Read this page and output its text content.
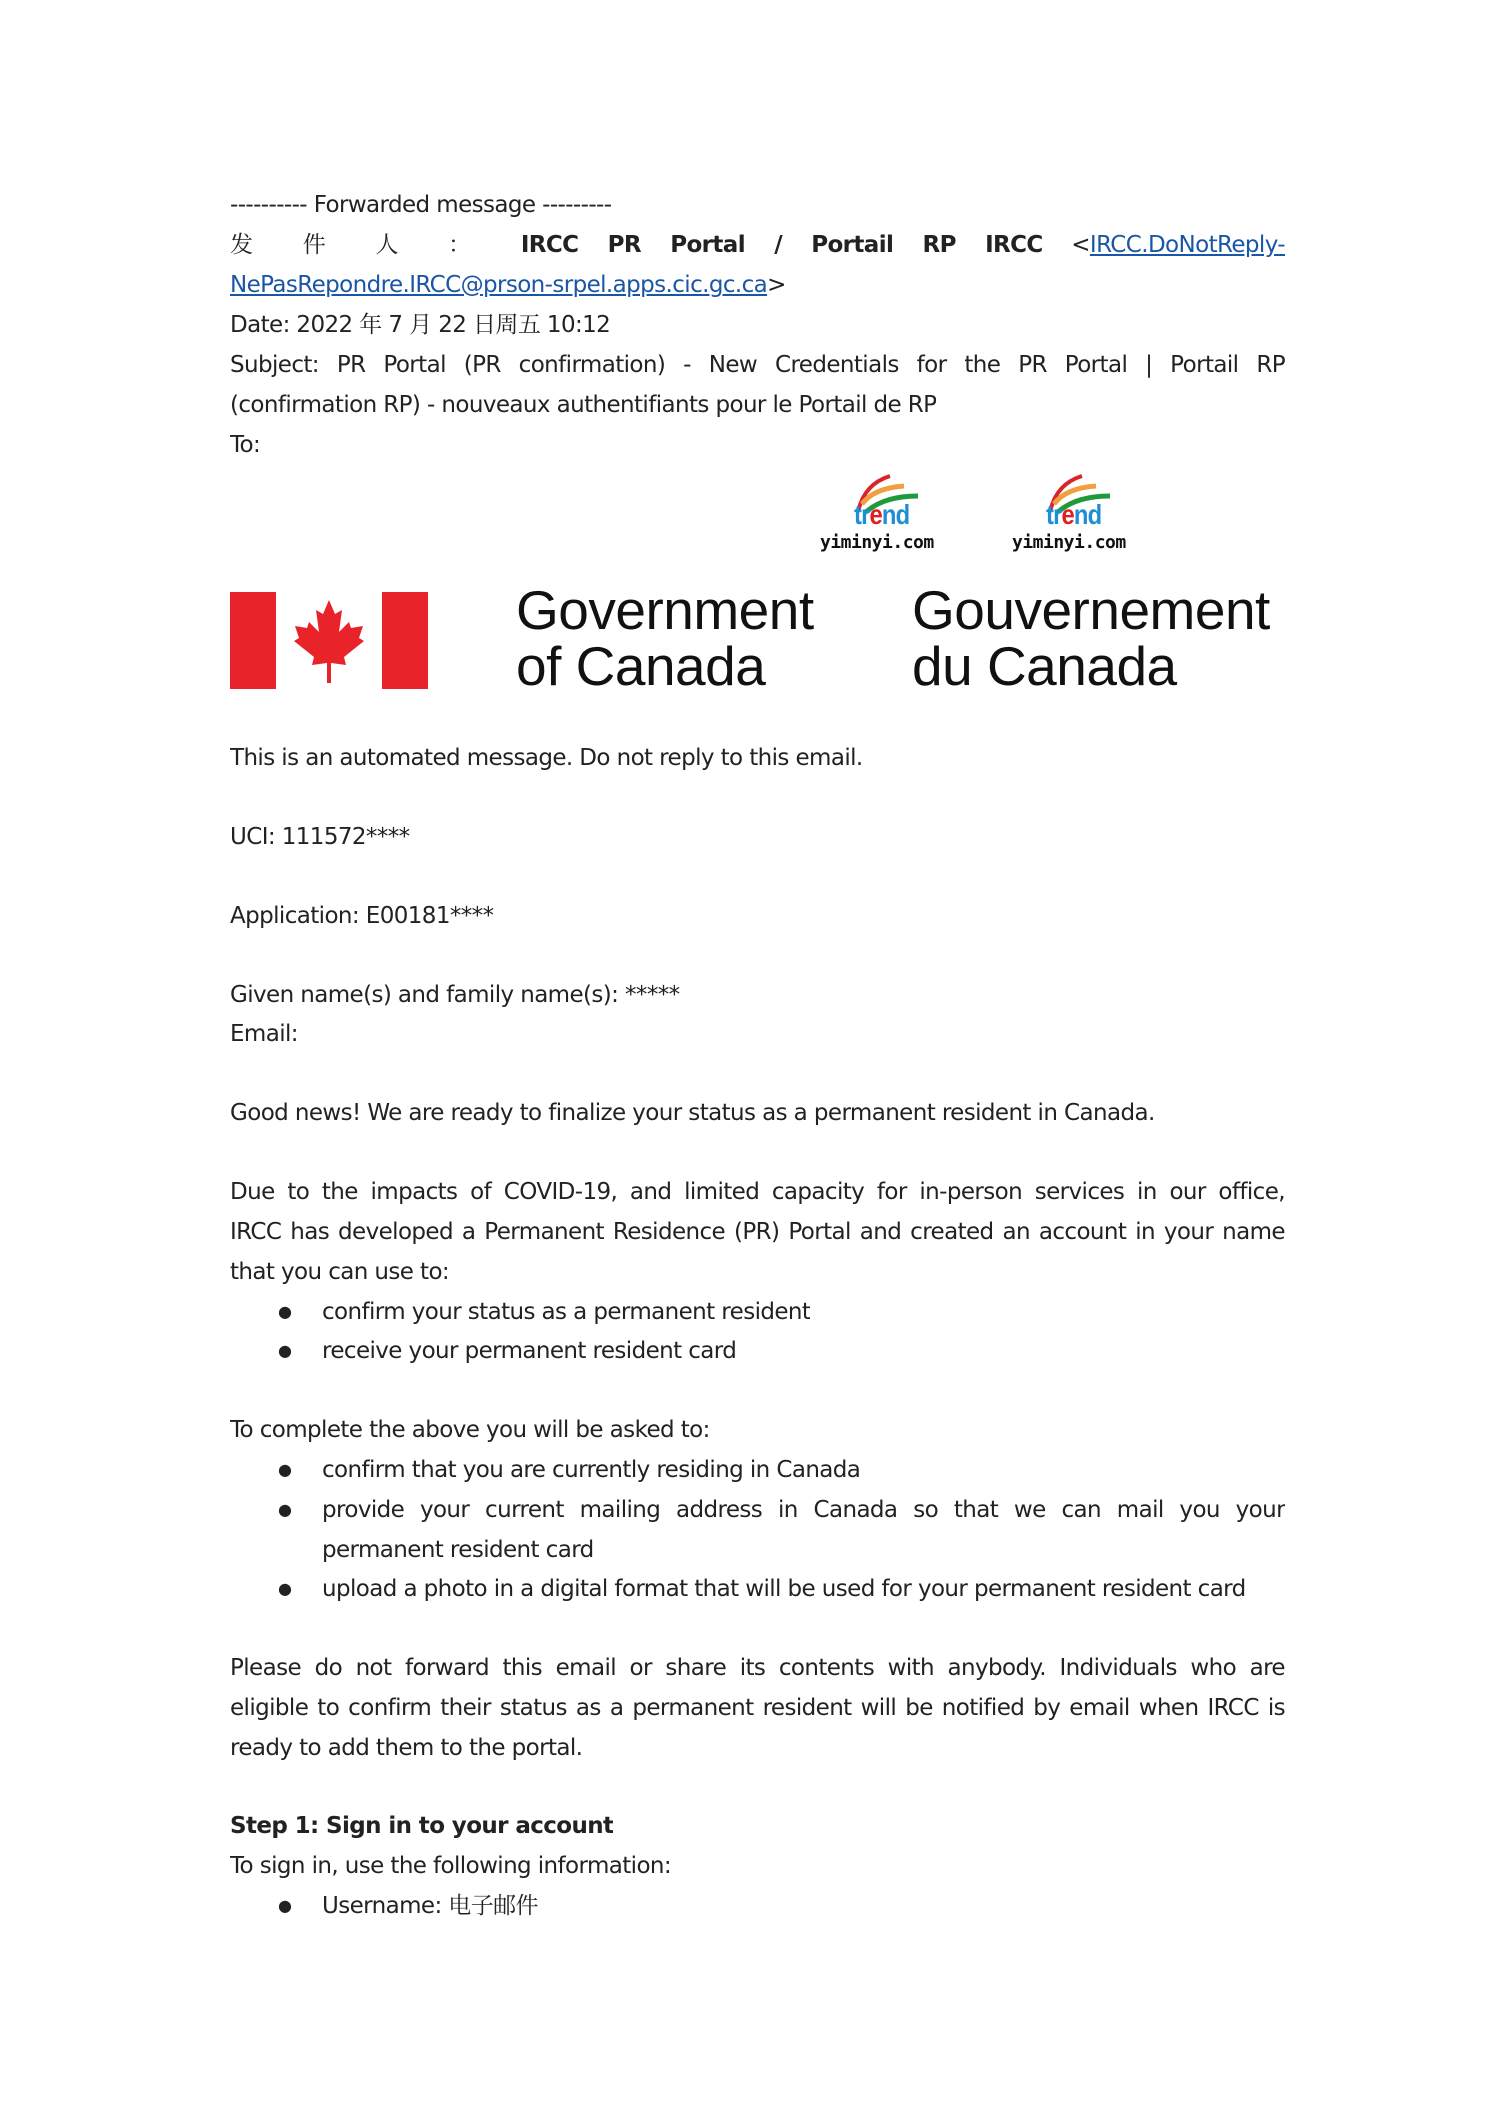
---------- Forwarded message ---------
发 件 人 ： IRCC PR Portal / Portail RP IRCC <IRCC.DoNotReply-
NePasRepondre.IRCC@prson-srpel.apps.cic.gc.ca>
Date: 2022 年 7 月 22 日周五 10:12
Subject: PR Portal (PR confirmation) - New Credentials for the PR Portal | Portail RP
(confirmation RP) - nouveaux authentifiants pour le Portail de RP
To:
Government
of Canada
Gouvernement
du Canada
This is an automated message. Do not reply to this email.
UCI: 111572****
Application: E00181****
Given name(s) and family name(s): *****
Email:
Good news! We are ready to finalize your status as a permanent resident in Canada.
Due to the impacts of COVID-19, and limited capacity for in-person services in our office,
IRCC has developed a Permanent Residence (PR) Portal and created an account in your name
that you can use to:
● confirm your status as a permanent resident
● receive your permanent resident card
To complete the above you will be asked to:
● confirm that you are currently residing in Canada
● provide your current mailing address in Canada so that we can mail you your
permanent resident card
● upload a photo in a digital format that will be used for your permanent resident card
Please do not forward this email or share its contents with anybody. Individuals who are
eligible to confirm their status as a permanent resident will be notified by email when IRCC is
ready to add them to the portal.
Step 1: Sign in to your account
To sign in, use the following information:
● Username: 电子邮件
trend
yiminyi.com
trend
yiminyi.com
